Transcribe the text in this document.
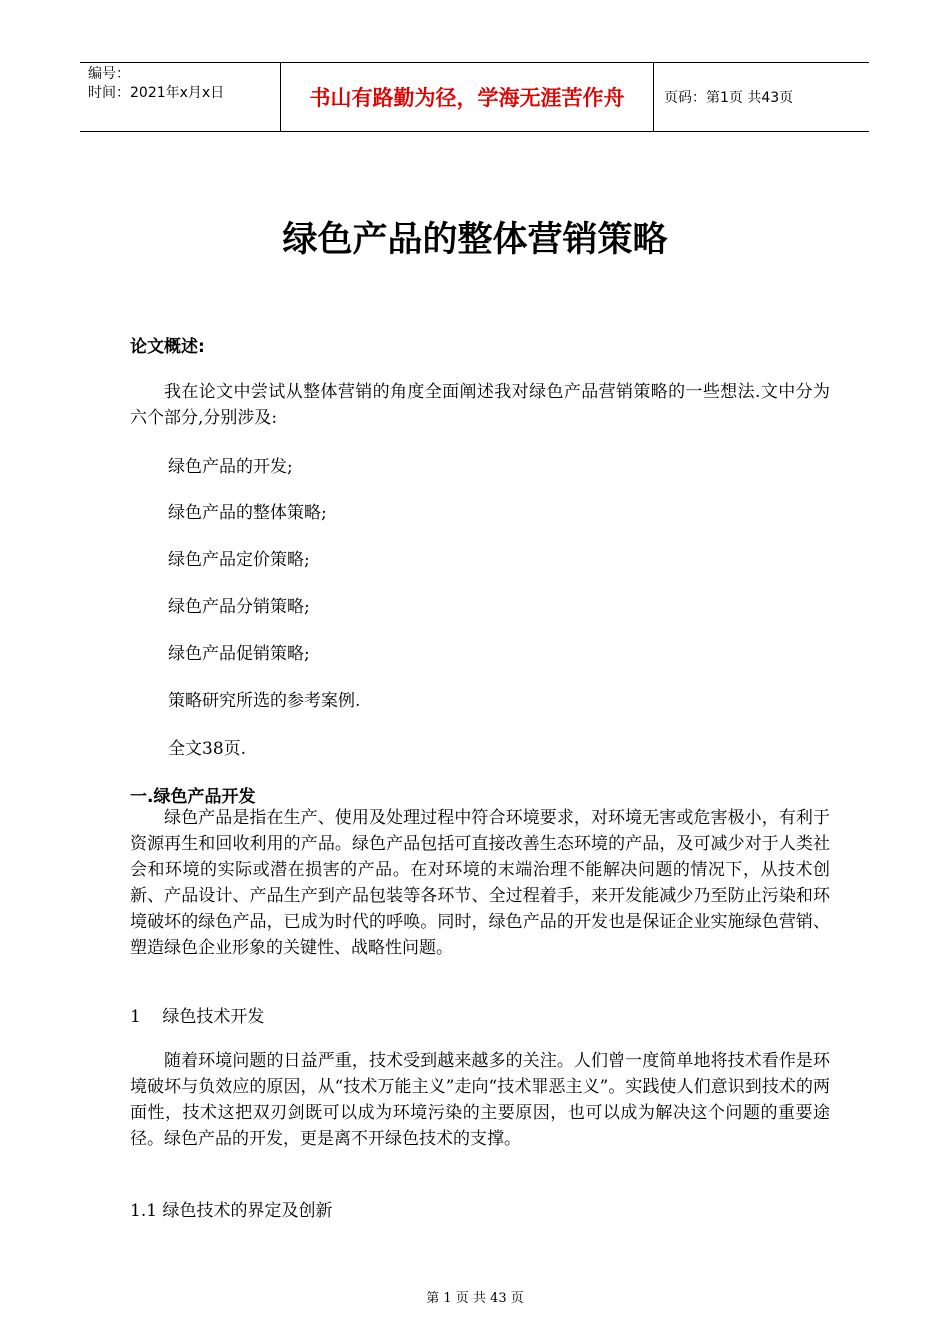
编号：
时间：2021年x月x日	书山有路勤为径，学海无涯苦作舟	页码：第1页 共43页
绿色产品的整体营销策略
论文概述:
我在论文中尝试从整体营销的角度全面阐述我对绿色产品营销策略的一些想法.文中分为六个部分,分别涉及:
绿色产品的开发;
绿色产品的整体策略;
绿色产品定价策略;
绿色产品分销策略;
绿色产品促销策略;
策略研究所选的参考案例.
全文38页.
一.绿色产品开发
绿色产品是指在生产、使用及处理过程中符合环境要求，对环境无害或危害极小，有利于资源再生和回收利用的产品。绿色产品包括可直接改善生态环境的产品，及可减少对于人类社会和环境的实际或潜在损害的产品。在对环境的末端治理不能解决问题的情况下，从技术创新、产品设计、产品生产到产品包装等各环节、全过程着手，来开发能减少乃至防止污染和环境破坏的绿色产品，已成为时代的呼唤。同时，绿色产品的开发也是保证企业实施绿色营销、塑造绿色企业形象的关键性、战略性问题。
1    绿色技术开发
随着环境问题的日益严重，技术受到越来越多的关注。人们曾一度简单地将技术看作是环境破坏与负效应的原因，从“技术万能主义”走向“技术罪恶主义”。实践使人们意识到技术的两面性，技术这把双刃剑既可以成为环境污染的主要原因，也可以成为解决这个问题的重要途径。绿色产品的开发，更是离不开绿色技术的支撑。
1.1 绿色技术的界定及创新
第 1 页 共 43 页
